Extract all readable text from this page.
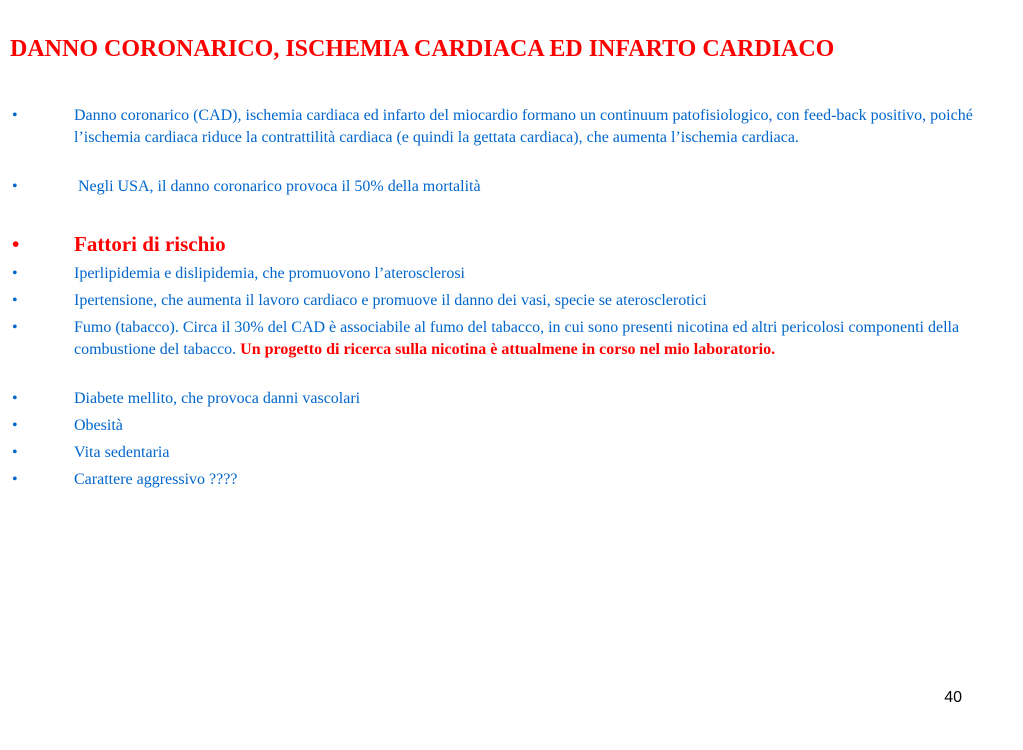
DANNO CORONARICO, ISCHEMIA CARDIACA ED INFARTO CARDIACO
•	Danno coronarico (CAD), ischemia cardiaca ed infarto del miocardio formano un continuum patofisiologico, con feed-back positivo, poiché l’ischemia cardiaca riduce la contrattilità cardiaca (e quindi la gettata cardiaca), che aumenta l’ischemia cardiaca.
•	Negli USA, il danno coronarico provoca il 50% della mortalità
•	Fattori di rischio
•	Iperlipidemia e dislipidemia, che promuovono l’aterosclerosi
•	Ipertensione, che aumenta il lavoro cardiaco e promuove il danno dei vasi, specie se aterosclerotici
•	Fumo (tabacco). Circa il 30% del CAD è associabile al fumo del tabacco, in cui sono presenti nicotina ed altri pericolosi componenti della combustione del tabacco. Un progetto di ricerca sulla nicotina è attualmene in corso nel mio laboratorio.
•	Diabete mellito, che provoca danni vascolari
•	Obesità
•	Vita sedentaria
•	Carattere aggressivo ????
40
